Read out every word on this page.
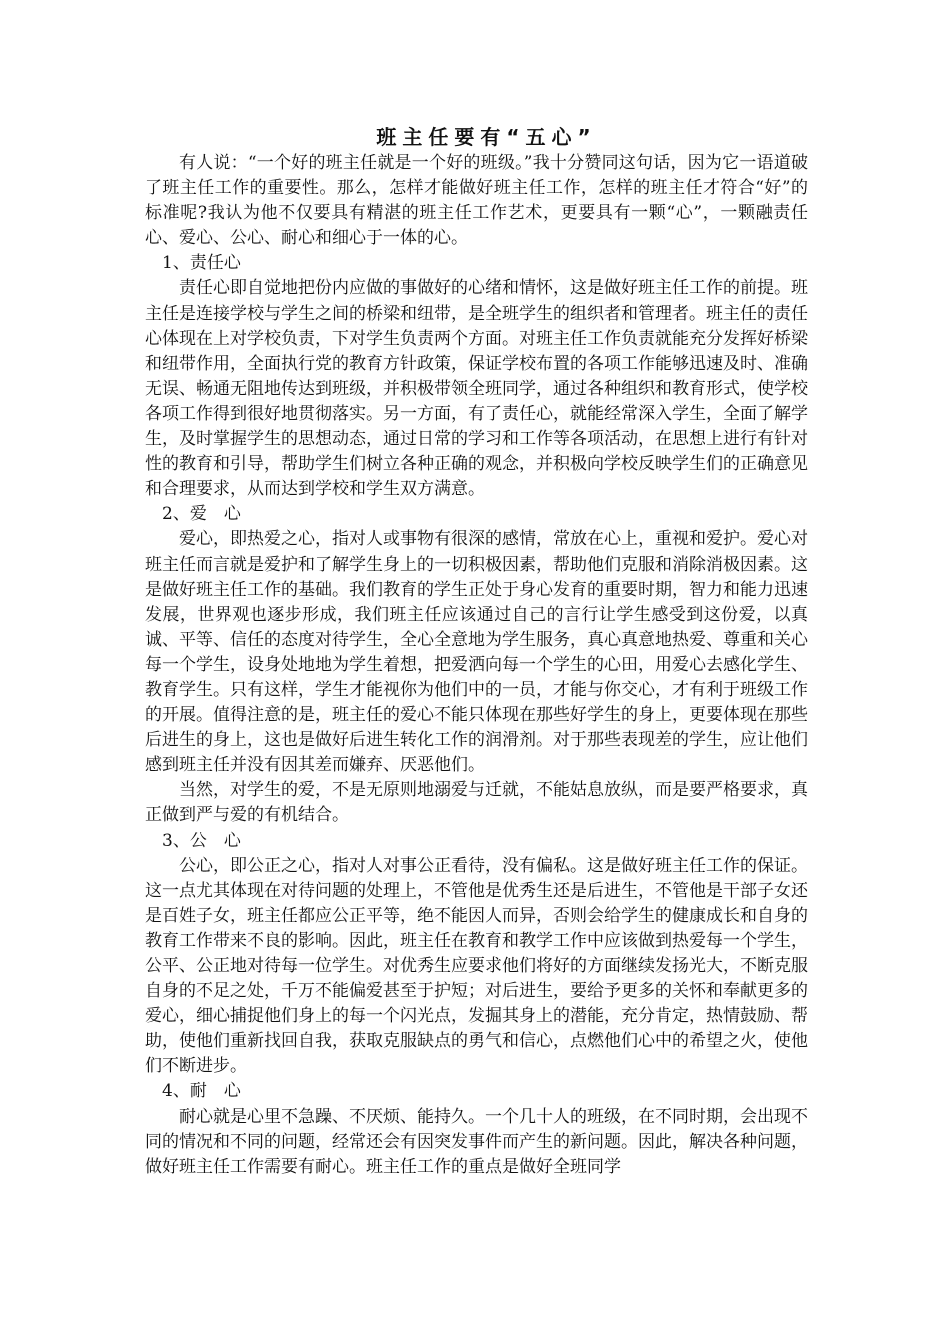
班主任要有“五心”

有人说：“一个好的班主任就是一个好的班级。”我十分赞同这句话，因为它一语道破了班主任工作的重要性。那么，怎样才能做好班主任工作，怎样的班主任才符合“好”的标准呢?我认为他不仅要具有精湛的班主任工作艺术，更要具有一颗“心”，一颗融责任心、爱心、公心、耐心和细心于一体的心。

1、责任心

责任心即自觉地把份内应做的事做好的心绪和情怀，这是做好班主任工作的前提。班主任是连接学校与学生之间的桥梁和纽带，是全班学生的组织者和管理者。班主任的责任心体现在上对学校负责，下对学生负责两个方面。对班主任工作负责就能充分发挥好桥梁和纽带作用，全面执行党的教育方针政策，保证学校布置的各项工作能够迅速及时、准确无误、畅通无阻地传达到班级，并积极带领全班同学，通过各种组织和教育形式，使学校各项工作得到很好地贯彻落实。另一方面，有了责任心，就能经常深入学生，全面了解学生，及时掌握学生的思想动态，通过日常的学习和工作等各项活动，在思想上进行有针对性的教育和引导，帮助学生们树立各种正确的观念，并积极向学校反映学生们的正确意见和合理要求，从而达到学校和学生双方满意。

2、爱　心

爱心，即热爱之心，指对人或事物有很深的感情，常放在心上，重视和爱护。爱心对班主任而言就是爱护和了解学生身上的一切积极因素，帮助他们克服和消除消极因素。这是做好班主任工作的基础。我们教育的学生正处于身心发育的重要时期，智力和能力迅速发展，世界观也逐步形成，我们班主任应该通过自己的言行让学生感受到这份爱，以真诚、平等、信任的态度对待学生，全心全意地为学生服务，真心真意地热爱、尊重和关心每一个学生，设身处地地为学生着想，把爱洒向每一个学生的心田，用爱心去感化学生、教育学生。只有这样，学生才能视你为他们中的一员，才能与你交心，才有利于班级工作的开展。值得注意的是，班主任的爱心不能只体现在那些好学生的身上，更要体现在那些后进生的身上，这也是做好后进生转化工作的润滑剂。对于那些表现差的学生，应让他们感到班主任并没有因其差而嫌弃、厌恶他们。

当然，对学生的爱，不是无原则地溺爱与迁就，不能姑息放纵，而是要严格要求，真正做到严与爱的有机结合。

3、公　心

公心，即公正之心，指对人对事公正看待，没有偏私。这是做好班主任工作的保证。这一点尤其体现在对待问题的处理上，不管他是优秀生还是后进生，不管他是干部子女还是百姓子女，班主任都应公正平等，绝不能因人而异，否则会给学生的健康成长和自身的教育工作带来不良的影响。因此，班主任在教育和教学工作中应该做到热爱每一个学生，公平、公正地对待每一位学生。对优秀生应要求他们将好的方面继续发扬光大，不断克服自身的不足之处，千万不能偏爱甚至于护短；对后进生，要给予更多的关怀和奉献更多的爱心，细心捕捉他们身上的每一个闪光点，发掘其身上的潜能，充分肯定，热情鼓励、帮助，使他们重新找回自我，获取克服缺点的勇气和信心，点燃他们心中的希望之火，使他们不断进步。

4、耐　心

耐心就是心里不急躁、不厌烦、能持久。一个几十人的班级，在不同时期，会出现不同的情况和不同的问题，经常还会有因突发事件而产生的新问题。因此，解决各种问题，做好班主任工作需要有耐心。班主任工作的重点是做好全班同学
